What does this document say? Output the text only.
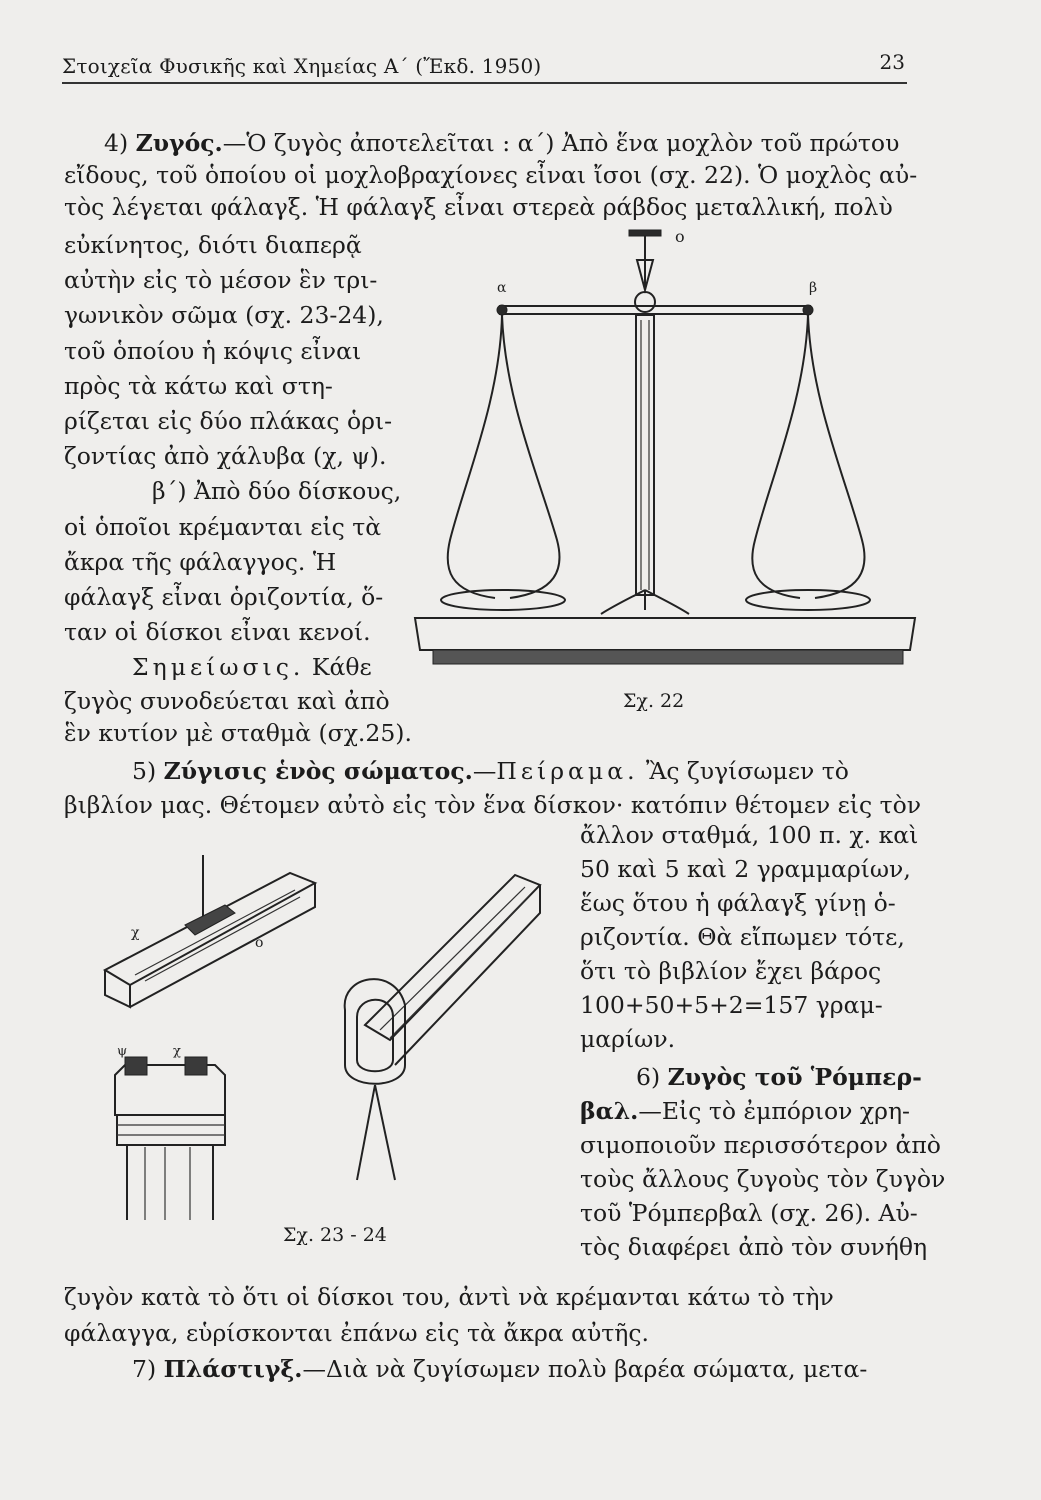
Στοιχεῖα Φυσικῆς καὶ Χημείας Α΄ (Ἔκδ. 1950)	23
4) Ζυγός.—Ὁ ζυγὸς ἀποτελεῖται : α΄) Ἀπὸ ἕνα μοχλὸν τοῦ πρώτου
εἴδους, τοῦ ὁποίου οἱ μοχλοβραχίονες εἶναι ἴσοι (σχ. 22). Ὁ μοχλὸς αὐ-
τὸς λέγεται φάλαγξ. Ἡ φάλαγξ εἶναι στερεὰ ράβδος μεταλλική, πολὺ
εὐκίνητος, διότι διαπερᾷ
αὐτὴν εἰς τὸ μέσον ἓν τρι-
γωνικὸν σῶμα (σχ. 23-24),
τοῦ ὁποίου ἡ κόψις εἶναι
πρὸς τὰ κάτω καὶ στη-
ρίζεται εἰς δύο πλάκας ὁρι-
ζοντίας ἀπὸ χάλυβα (χ, ψ).
β΄) Ἀπὸ δύο δίσκους,
οἱ ὁποῖοι κρέμανται εἰς τὰ
ἄκρα τῆς φάλαγγος. Ἡ
φάλαγξ εἶναι ὁριζοντία, ὅ-
ταν οἱ δίσκοι εἶναι κενοί.
Σημείωσις. Κάθε
ζυγὸς συνοδεύεται καὶ ἀπὸ
ἓν κυτίον μὲ σταθμὰ (σχ.25).
ο
α	β
Σχ. 22
5) Ζύγισις ἑνὸς σώματος.—Πείραμα. Ἂς ζυγίσωμεν τὸ
βιβλίον μας. Θέτομεν αὐτὸ εἰς τὸν ἕνα δίσκον· κατόπιν θέτομεν εἰς τὸν
ἄλλον σταθμά, 100 π. χ. καὶ
50 καὶ 5 καὶ 2 γραμμαρίων,
ἕως ὅτου ἡ φάλαγξ γίνῃ ὁ-
ριζοντία. Θὰ εἴπωμεν τότε,
ὅτι τὸ βιβλίον ἔχει βάρος
100+50+5+2=157 γραμ-
μαρίων.
6) Ζυγὸς τοῦ Ῥόμπερ-
βαλ.—Εἰς τὸ ἐμπόριον χρη-
σιμοποιοῦν περισσότερον ἀπὸ
τοὺς ἄλλους ζυγοὺς τὸν ζυγὸν
τοῦ Ῥόμπερβαλ (σχ. 26). Αὐ-
τὸς διαφέρει ἀπὸ τὸν συνήθη
χ
ο
ψ	χ
Σχ. 23 - 24
ζυγὸν κατὰ τὸ ὅτι οἱ δίσκοι του, ἀντὶ νὰ κρέμανται κάτω τὸ τὴν
φάλαγγα, εὑρίσκονται ἐπάνω εἰς τὰ ἄκρα αὐτῆς.
7) Πλάστιγξ.—Διὰ νὰ ζυγίσωμεν πολὺ βαρέα σώματα, μετα-
